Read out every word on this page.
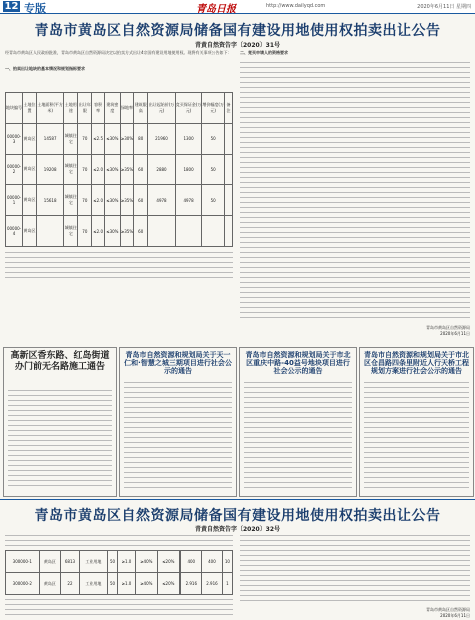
12 专版	青岛日报	http://www.dailyqd.com	2020年6月11日 星期四
青岛市黄岛区自然资源局储备国有建设用地使用权拍卖出让公告
青黄自然资告字〔2020〕31号
经青岛市黄岛区人民政府批准，青岛市黄岛区自然资源局决定以拍卖方式出让4宗国有建设用地使用权。现将有关事项公告如下：
一、拍卖出让地块的基本情况和规划指标要求
地块编号	土地位置	土地面积(平方米)	土地用途	出让年限	容积率	建筑密度	绿地率	建筑限高	出让起始价(万元)	竞买保证金(万元)	增价幅度(万元)	备注
00000-3	黄岛区	14587	城镇住宅	70	≤2.5	≤30%	≥30%	80	21960	1300	50	
00000-2	黄岛区	19208	城镇住宅	70	≤2.0	≤30%	≥35%	60	2880	1800	50	
00000-1	黄岛区	15618	城镇住宅	70	≤2.0	≤30%	≥35%	60	4978	4978	50	
00000-4	黄岛区		城镇住宅	70	≤2.0	≤30%	≥35%	60				
二、竞买申请人的资格要求
青岛市黄岛区自然资源局
2020年6月11日
高新区香东路、红岛街道办门前无名路施工通告
青岛市自然资源和规划局关于天一仁和·智慧之城三期项目进行社会公示的通告
青岛市自然资源和规划局关于市北区重庆中路-40益号地块项目进行社会公示的通告
青岛市自然资源和规划局关于市北区仓昌路四条里附近人行天桥工程规划方案进行社会公示的通告
青岛市黄岛区自然资源局储备国有建设用地使用权拍卖出让公告
青黄自然资告字〔2020〕32号
300000-1	黄岛区	6813	工业用地	50	≥1.0	≥40%	≤20%		400	400	10
300000-2	黄岛区	22	工业用地	50	≥1.0	≥40%	≤20%		2.916	2.916	1
青岛市黄岛区自然资源局
2020年6月11日
